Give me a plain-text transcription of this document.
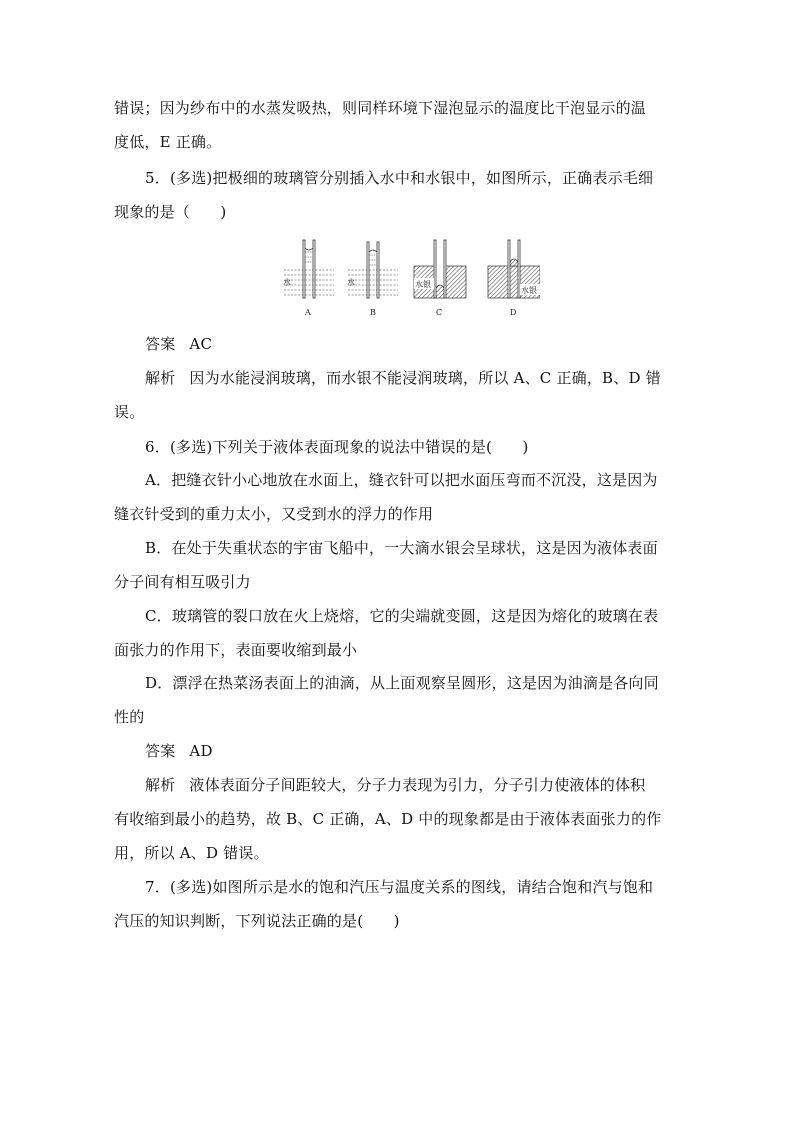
错误；因为纱布中的水蒸发吸热，则同样环境下湿泡显示的温度比干泡显示的温
度低，E 正确。
5．(多选)把极细的玻璃管分别插入水中和水银中，如图所示，正确表示毛细
现象的是（　　)
水
A
水
B
水银
C
水银
D
答案 AC
解析 因为水能浸润玻璃，而水银不能浸润玻璃，所以 A、C 正确，B、D 错
误。
6．(多选)下列关于液体表面现象的说法中错误的是(　　)
A．把缝衣针小心地放在水面上，缝衣针可以把水面压弯而不沉没，这是因为
缝衣针受到的重力太小，又受到水的浮力的作用
B．在处于失重状态的宇宙飞船中，一大滴水银会呈球状，这是因为液体表面
分子间有相互吸引力
C．玻璃管的裂口放在火上烧熔，它的尖端就变圆，这是因为熔化的玻璃在表
面张力的作用下，表面要收缩到最小
D．漂浮在热菜汤表面上的油滴，从上面观察呈圆形，这是因为油滴是各向同
性的
答案 AD
解析 液体表面分子间距较大，分子力表现为引力，分子引力使液体的体积
有收缩到最小的趋势，故 B、C 正确，A、D 中的现象都是由于液体表面张力的作
用，所以 A、D 错误。
7．(多选)如图所示是水的饱和汽压与温度关系的图线，请结合饱和汽与饱和
汽压的知识判断，下列说法正确的是(　　)
